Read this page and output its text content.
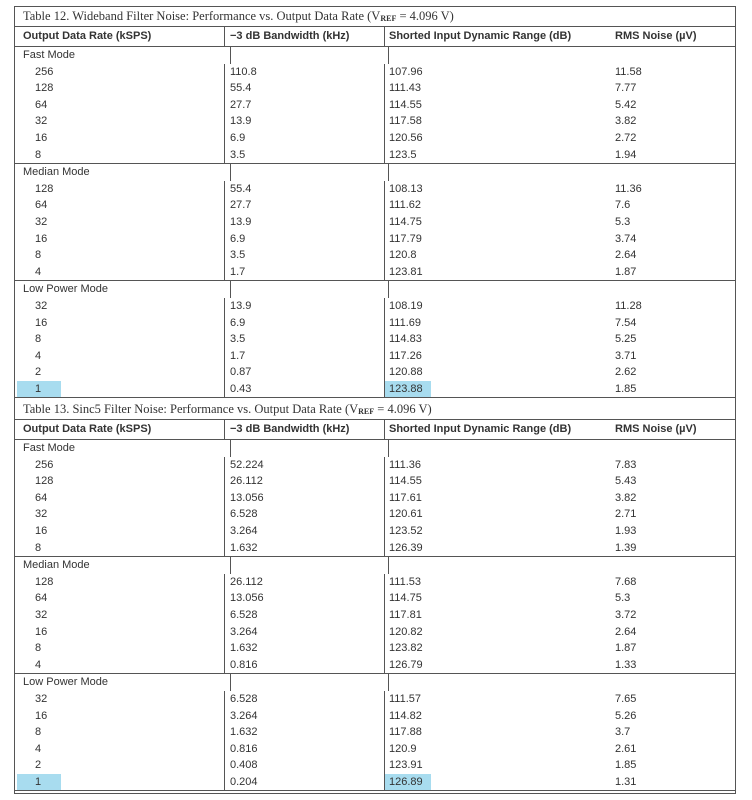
Table 12. Wideband Filter Noise: Performance vs. Output Data Rate ($V_{REF} = 4.096$ V)
Output Data Rate (kSPS)	−3 dB Bandwidth (kHz)	Shorted Input Dynamic Range (dB)	RMS Noise (µV)
Fast Mode
256	110.8	107.96	11.58
128	55.4	111.43	7.77
64	27.7	114.55	5.42
32	13.9	117.58	3.82
16	6.9	120.56	2.72
8	3.5	123.5	1.94
Median Mode
128	55.4	108.13	11.36
64	27.7	111.62	7.6
32	13.9	114.75	5.3
16	6.9	117.79	3.74
8	3.5	120.8	2.64
4	1.7	123.81	1.87
Low Power Mode
32	13.9	108.19	11.28
16	6.9	111.69	7.54
8	3.5	114.83	5.25
4	1.7	117.26	3.71
2	0.87	120.88	2.62
1	0.43	123.88	1.85
Table 13. Sinc5 Filter Noise: Performance vs. Output Data Rate ($V_{REF} = 4.096$ V)
Output Data Rate (kSPS)	−3 dB Bandwidth (kHz)	Shorted Input Dynamic Range (dB)	RMS Noise (µV)
Fast Mode
256	52.224	111.36	7.83
128	26.112	114.55	5.43
64	13.056	117.61	3.82
32	6.528	120.61	2.71
16	3.264	123.52	1.93
8	1.632	126.39	1.39
Median Mode
128	26.112	111.53	7.68
64	13.056	114.75	5.3
32	6.528	117.81	3.72
16	3.264	120.82	2.64
8	1.632	123.82	1.87
4	0.816	126.79	1.33
Low Power Mode
32	6.528	111.57	7.65
16	3.264	114.82	5.26
8	1.632	117.88	3.7
4	0.816	120.9	2.61
2	0.408	123.91	1.85
1	0.204	126.89	1.31
